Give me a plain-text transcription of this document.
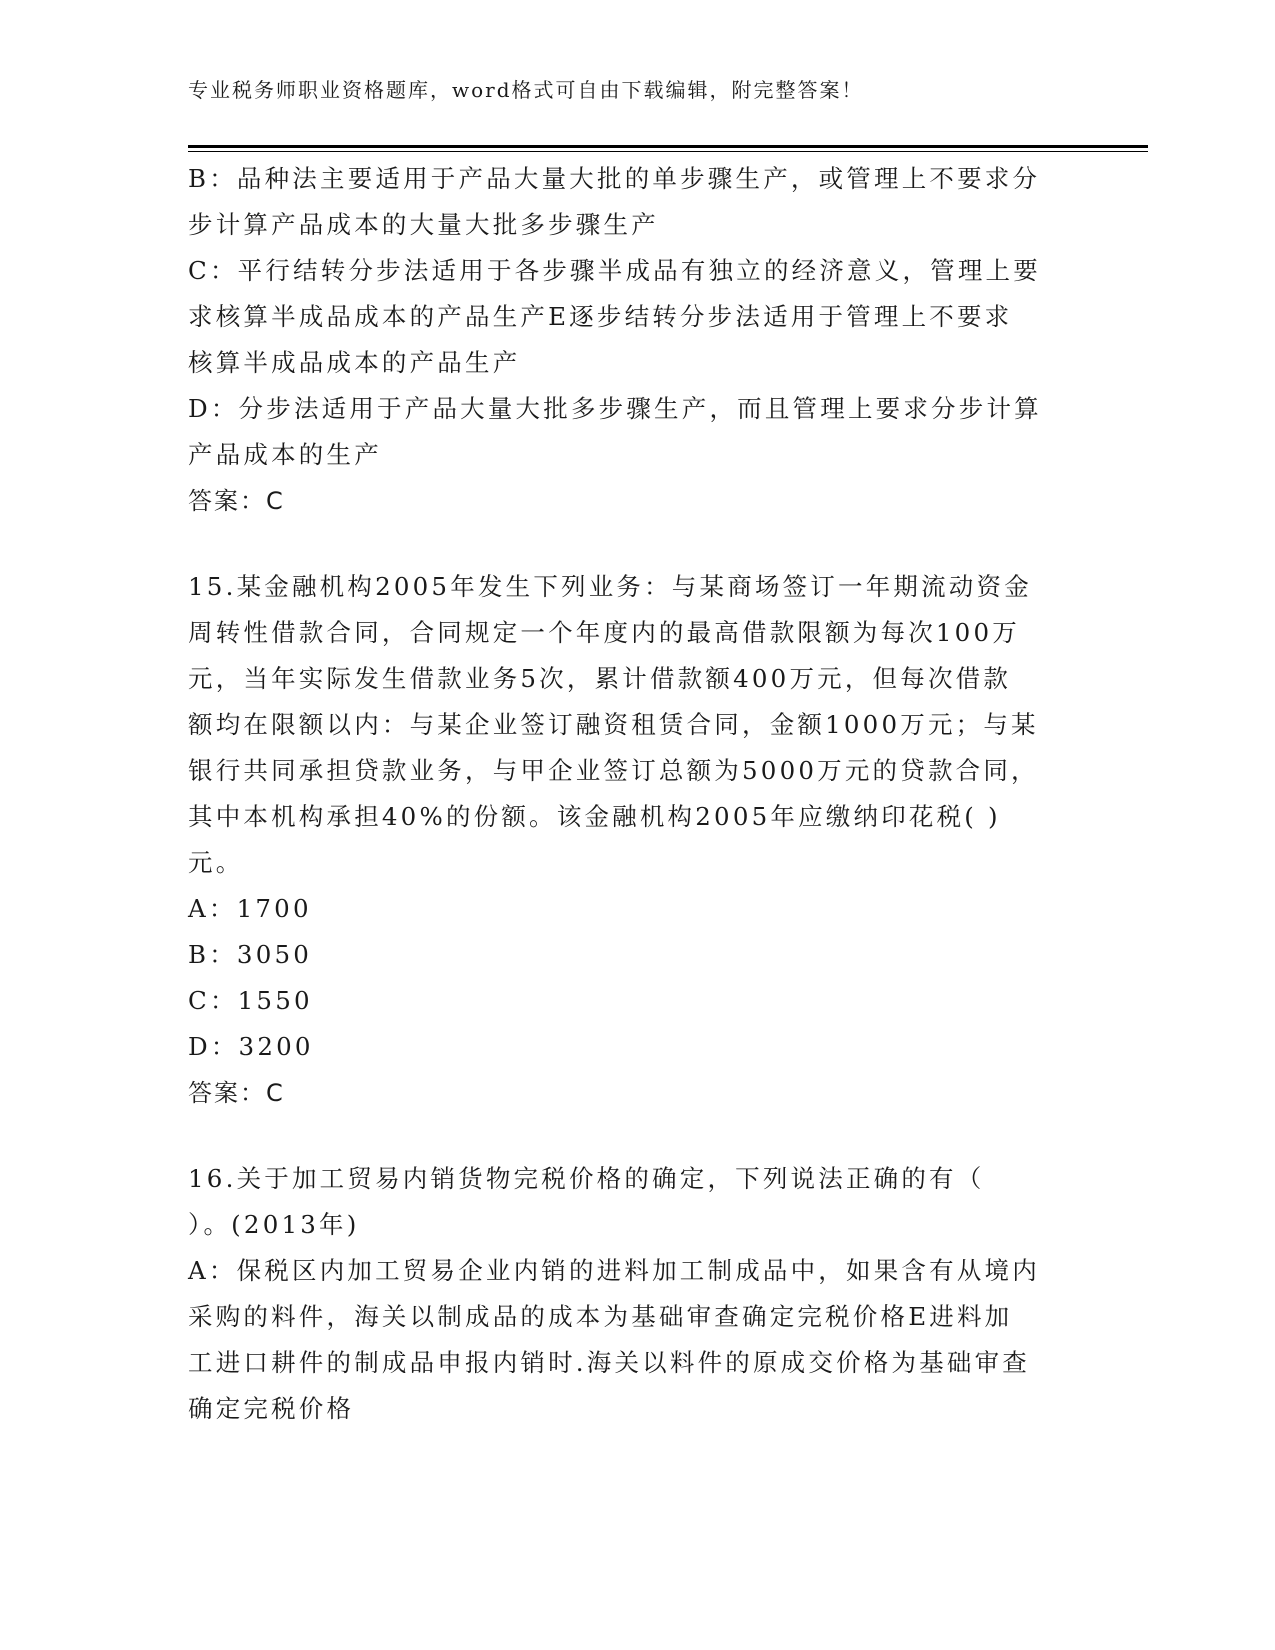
专业税务师职业资格题库，word格式可自由下载编辑，附完整答案！
B：品种法主要适用于产品大量大批的单步骤生产，或管理上不要求分
步计算产品成本的大量大批多步骤生产
C：平行结转分步法适用于各步骤半成品有独立的经济意义，管理上要
求核算半成品成本的产品生产E逐步结转分步法适用于管理上不要求
核算半成品成本的产品生产
D：分步法适用于产品大量大批多步骤生产，而且管理上要求分步计算
产品成本的生产
答案：C
15.某金融机构2005年发生下列业务：与某商场签订一年期流动资金
周转性借款合同，合同规定一个年度内的最高借款限额为每次100万
元，当年实际发生借款业务5次，累计借款额400万元，但每次借款
额均在限额以内：与某企业签订融资租赁合同，金额1000万元；与某
银行共同承担贷款业务，与甲企业签订总额为5000万元的贷款合同，
其中本机构承担40%的份额。该金融机构2005年应缴纳印花税( )
元。
A：1700
B：3050
C：1550
D：3200
答案：C
16.关于加工贸易内销货物完税价格的确定，下列说法正确的有（
）。(2013年)
A：保税区内加工贸易企业内销的进料加工制成品中，如果含有从境内
采购的料件，海关以制成品的成本为基础审查确定完税价格E进料加
工进口耕件的制成品申报内销时.海关以料件的原成交价格为基础审查
确定完税价格
